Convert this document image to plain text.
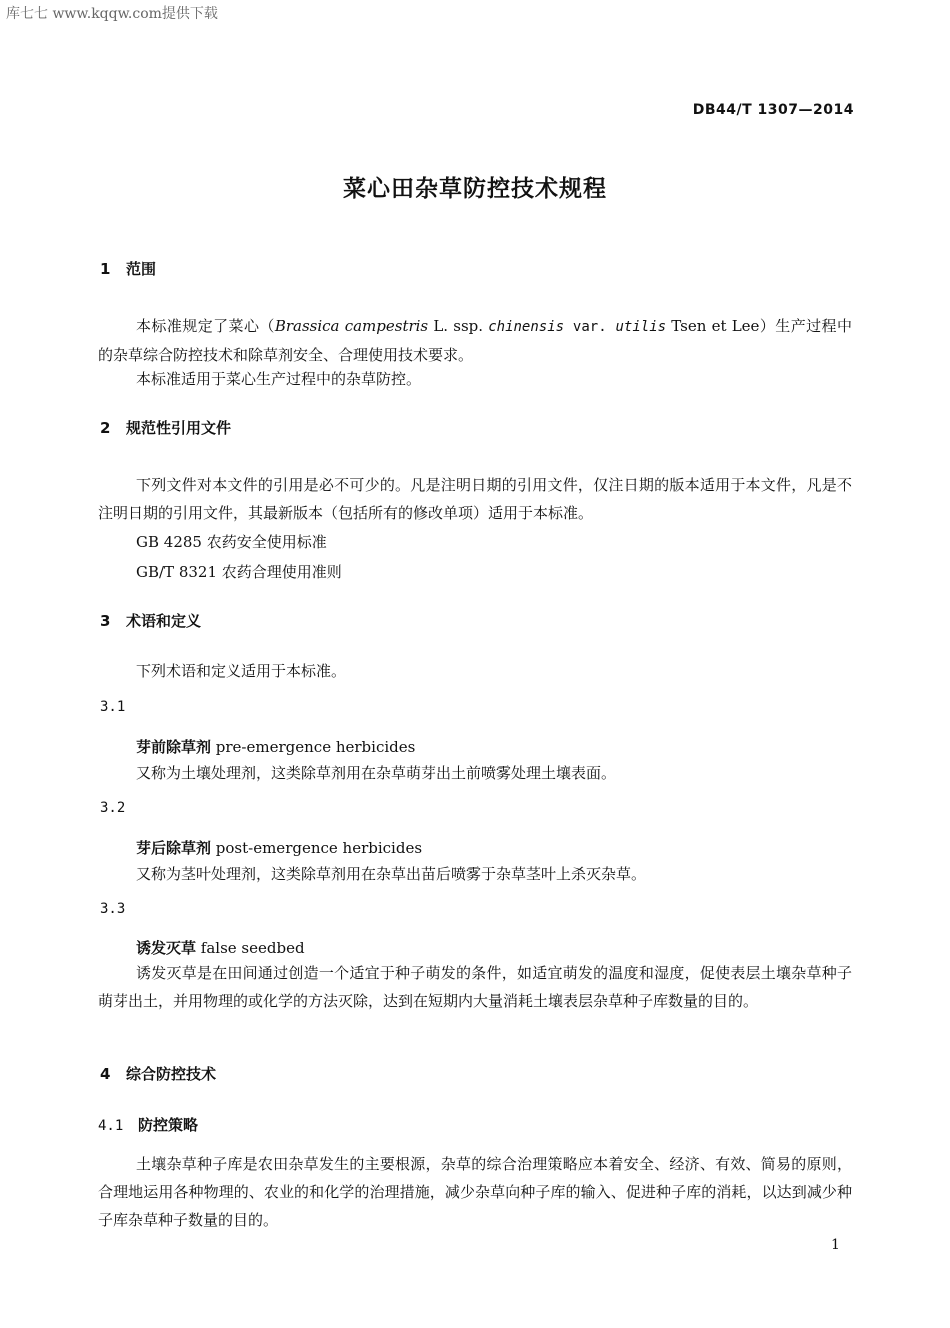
库七七 www.kqqw.com提供下载
DB44/T 1307—2014
菜心田杂草防控技术规程
1 范围
本标准规定了菜心（Brassica campestris L. ssp. chinensis var. utilis Tsen et Lee）生产过程中的杂草综合防控技术和除草剂安全、合理使用技术要求。
本标准适用于菜心生产过程中的杂草防控。
2 规范性引用文件
下列文件对本文件的引用是必不可少的。凡是注明日期的引用文件，仅注日期的版本适用于本文件，凡是不注明日期的引用文件，其最新版本（包括所有的修改单项）适用于本标准。
GB 4285 农药安全使用标准
GB/T 8321 农药合理使用准则
3 术语和定义
下列术语和定义适用于本标准。
3.1
芽前除草剂 pre-emergence herbicides
又称为土壤处理剂，这类除草剂用在杂草萌芽出土前喷雾处理土壤表面。
3.2
芽后除草剂 post-emergence herbicides
又称为茎叶处理剂，这类除草剂用在杂草出苗后喷雾于杂草茎叶上杀灭杂草。
3.3
诱发灭草 false seedbed
诱发灭草是在田间通过创造一个适宜于种子萌发的条件，如适宜萌发的温度和湿度，促使表层土壤杂草种子萌芽出土，并用物理的或化学的方法灭除，达到在短期内大量消耗土壤表层杂草种子库数量的目的。
4 综合防控技术
4.1 防控策略
土壤杂草种子库是农田杂草发生的主要根源，杂草的综合治理策略应本着安全、经济、有效、简易的原则，合理地运用各种物理的、农业的和化学的治理措施，减少杂草向种子库的输入、促进种子库的消耗，以达到减少种子库杂草种子数量的目的。
1
